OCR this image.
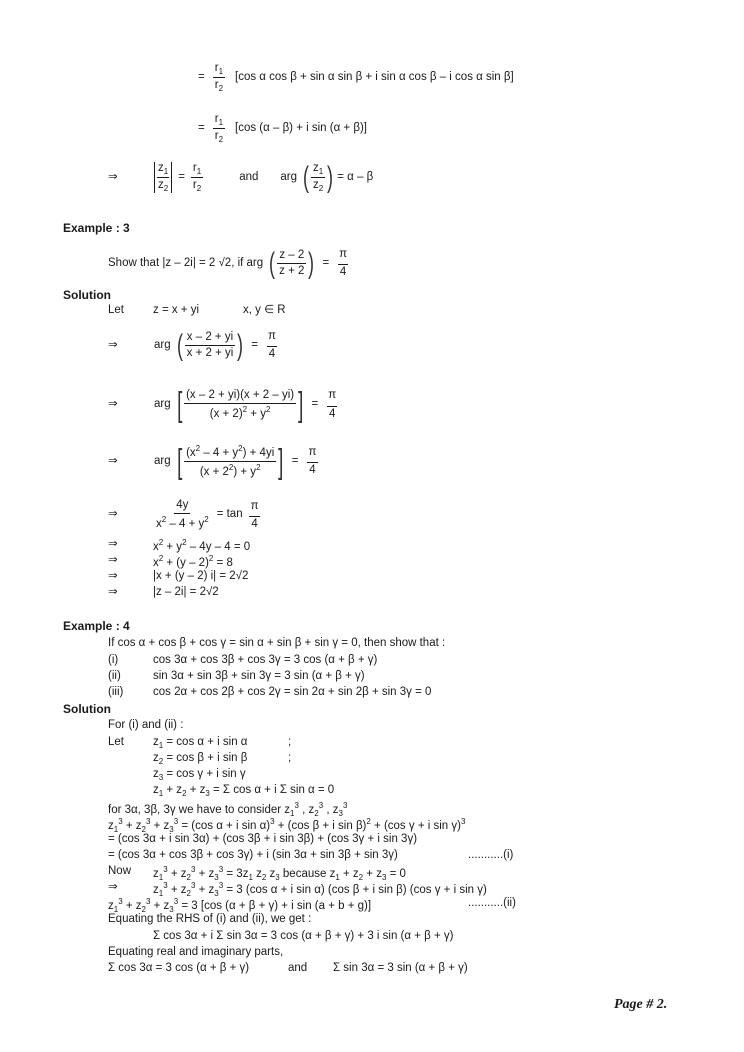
= $\frac{r_1}{r_2} [\cos$ α cos β + sin α sin β + i sin α cos β – i cos α sin β]
= $\frac{r_1}{r_2} [\cos$ (α – β) + i sin (α + β)]
⇒	$\frac{z_1}{z_2} = \frac{r_1}{r_2}$	and arg ( $\frac{z_1}{z_2}$ ) = α – β
Example : 3
Show that |z – 2i| = 2 √2, if arg ( $\frac{z - 2}{z + 2}$ ) = $\frac{\pi}{4}$
Solution
Let	z = x + yi	x, y ∈ R
⇒	arg ( $\frac{x - 2 + yi}{x + 2 + yi}$ ) = $\frac{\pi}{4}$
⇒	arg [ $\frac{(x - 2 + yi)(x + 2 - yi)}{(x + 2)^2 + y^2}$ ] = $\frac{\pi}{4}$
⇒	arg [ $\frac{(x^2 - 4 + y^2) + 4yi}{(x + 2^2) + y^2}$ ] = $\frac{\pi}{4}$
⇒	$\frac{4y}{x^2 - 4 + y^2} = \tan \frac{\pi}{4}$
⇒	$x^2 + y^2 - 4y - 4 = 0$
⇒	$x^2 + (y - 2)^2 = 8$
⇒	|x + (y – 2) i| = 2√2
⇒	|z – 2i| = 2√2
Example : 4
If cos α + cos β + cos γ = sin α + sin β + sin γ = 0, then show that :
(i)	cos 3α + cos 3β + cos 3γ = 3 cos (α + β + γ)
(ii)	sin 3α + sin 3β + sin 3γ = 3 sin (α + β + γ)
(iii)	cos 2α + cos 2β + cos 2γ = sin 2α + sin 2β + sin 3γ = 0
Solution
For (i) and (ii) :
Let	$z_1 = \cos \alpha + i$ sin α	;
$z_2 = \cos \beta + i$ sin β	;
$z_3 = \cos \gamma + i$ sin γ
$z_1 + z_2 + z_3 = \Sigma$ cos α + i Σ sin α = 0
for 3α, 3β, 3γ we have to consider $z_1^3$ , $z_2^3$ , $z_3^3$
$z_1^3 + z_2^3 + z_3^3 = (\cos$ α + i sin α)$^3$ + (cos β + i sin β)$^2$ + (cos γ + i sin γ)$^3$
= (cos 3α + i sin 3α) + (cos 3β + i sin 3β) + (cos 3γ + i sin 3γ)
= (cos 3α + cos 3β + cos 3γ) + i (sin 3α + sin 3β + sin 3γ)	...........(i)
Now $z_1^3 + z_2^3 + z_3^3 = 3z_1$ $z_2$ $z_3$ because $z_1 + z_2 + z_3 = 0$
⇒	$z_1^3 + z_2^3 + z_3^3 = 3$ (cos α + i sin α) (cos β + i sin β) (cos γ + i sin γ)
$z_1^3 + z_2^3 + z_3^3 = 3$ [cos (α + β + γ) + i sin (a + b + g)]	...........(ii)
Equating the RHS of (i) and (ii), we get :
Σ cos 3α + i Σ sin 3α = 3 cos (α + β + γ) + 3 i sin (α + β + γ)
Equating real and imaginary parts,
Σ cos 3α = 3 cos (α + β + γ)	and Σ sin 3α = 3 sin (α + β + γ)
Page # 2.
